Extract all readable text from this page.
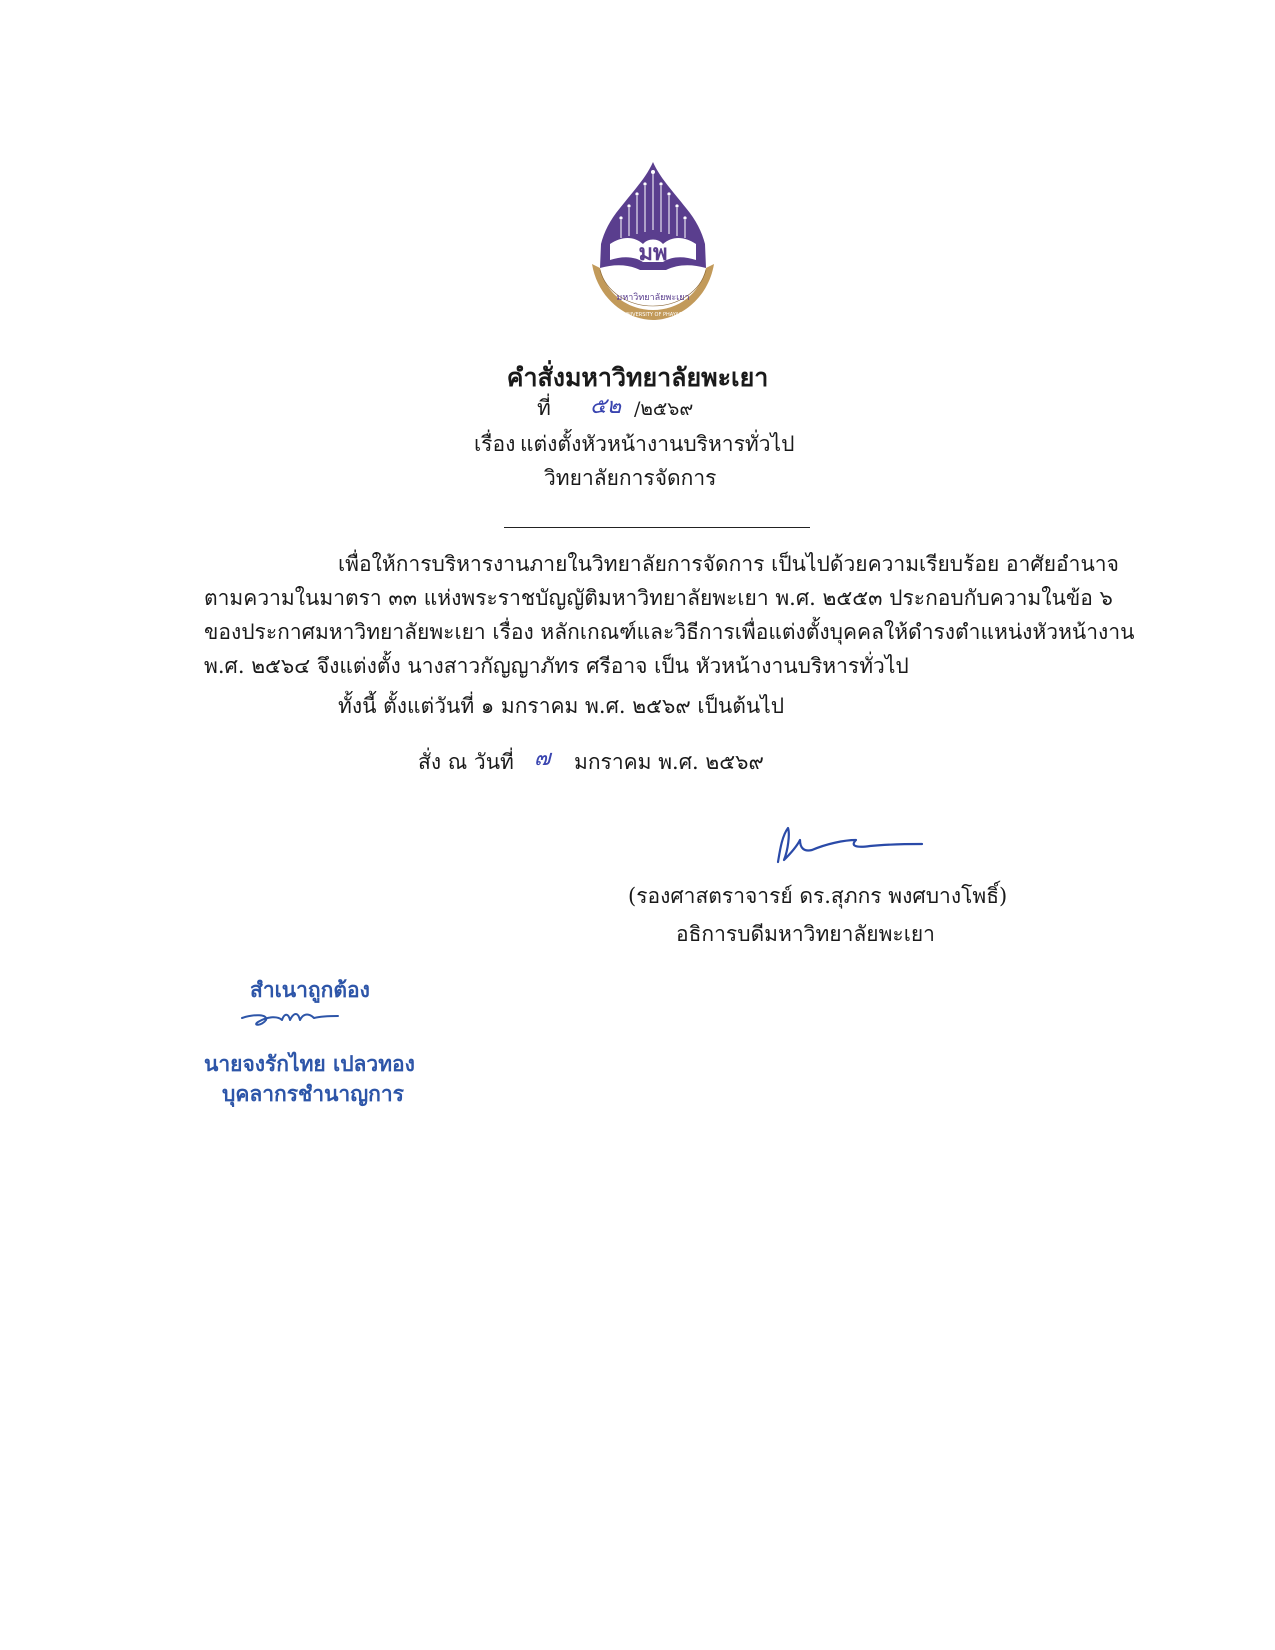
มพ
มหาวิทยาลัยพะเยา
UNIVERSITY OF PHAYAO
คำสั่งมหาวิทยาลัยพะเยา
ที่ ๕๒ /๒๕๖๙
เรื่อง แต่งตั้งหัวหน้างานบริหารทั่วไป
วิทยาลัยการจัดการ
เพื่อให้การบริหารงานภายในวิทยาลัยการจัดการ เป็นไปด้วยความเรียบร้อย อาศัยอำนาจ
ตามความในมาตรา ๓๓ แห่งพระราชบัญญัติมหาวิทยาลัยพะเยา พ.ศ. ๒๕๕๓ ประกอบกับความในข้อ ๖
ของประกาศมหาวิทยาลัยพะเยา เรื่อง หลักเกณฑ์และวิธีการเพื่อแต่งตั้งบุคคลให้ดำรงตำแหน่งหัวหน้างาน
พ.ศ. ๒๕๖๔ จึงแต่งตั้ง นางสาวกัญญาภัทร ศรีอาจ เป็น หัวหน้างานบริหารทั่วไป
ทั้งนี้ ตั้งแต่วันที่ ๑ มกราคม พ.ศ. ๒๕๖๙ เป็นต้นไป
สั่ง ณ วันที่ ๗ มกราคม พ.ศ. ๒๕๖๙
(รองศาสตราจารย์ ดร.สุภกร พงศบางโพธิ์)
อธิการบดีมหาวิทยาลัยพะเยา
สำเนาถูกต้อง
นายจงรักไทย เปลวทอง
บุคลากรชำนาญการ
